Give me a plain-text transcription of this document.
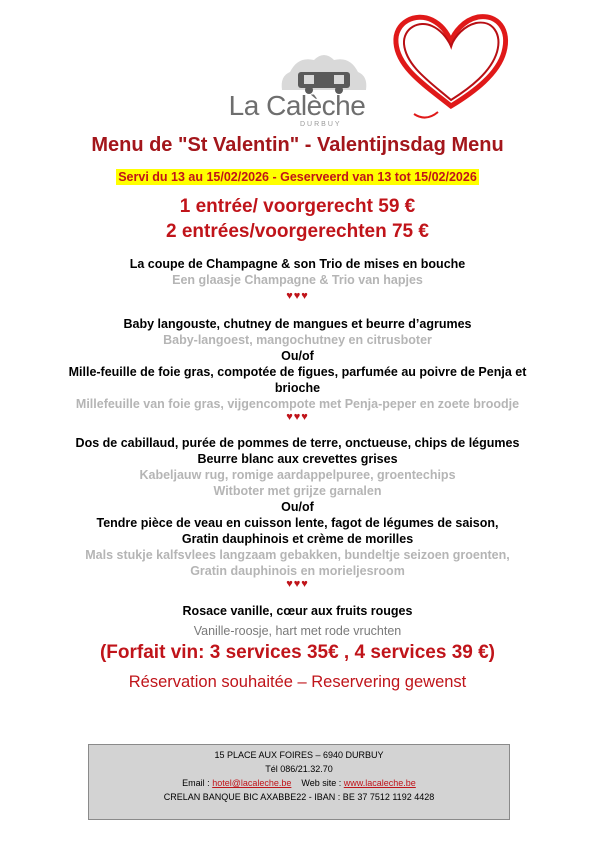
La Calèche
DURBUY
Menu de "St Valentin" - Valentijnsdag Menu
Servi du 13 au 15/02/2026 - Geserveerd van 13 tot 15/02/2026
1 entrée/ voorgerecht 59 €
2 entrées/voorgerechten 75 €
La coupe de Champagne & son Trio de mises en bouche
Een glaasje Champagne & Trio van hapjes
♥♥♥
Baby langouste, chutney de mangues et beurre d’agrumes
Baby-langoest, mangochutney en citrusboter
Ou/of
Mille-feuille de foie gras, compotée de figues, parfumée au poivre de Penja et
brioche
Millefeuille van foie gras, vijgencompote met Penja-peper en zoete broodje
♥♥♥
Dos de cabillaud, purée de pommes de terre, onctueuse, chips de légumes
Beurre blanc aux crevettes grises
Kabeljauw rug, romige aardappelpuree, groentechips
Witboter met grijze garnalen
Ou/of
Tendre pièce de veau en cuisson lente, fagot de légumes de saison,
Gratin dauphinois et crème de morilles
Mals stukje kalfsvlees langzaam gebakken, bundeltje seizoen groenten,
Gratin dauphinois en morieljesroom
♥♥♥
Rosace vanille, cœur aux fruits rouges
Vanille-roosje, hart met rode vruchten
(Forfait vin: 3 services 35€ , 4 services 39 €)
Réservation souhaitée – Reservering gewenst
15 PLACE AUX FOIRES – 6940 DURBUY
Tél 086/21.32.70
Email : hotel@lacaleche.be Web site : www.lacaleche.be
CRELAN BANQUE BIC AXABBE22 - IBAN : BE 37 7512 1192 4428
